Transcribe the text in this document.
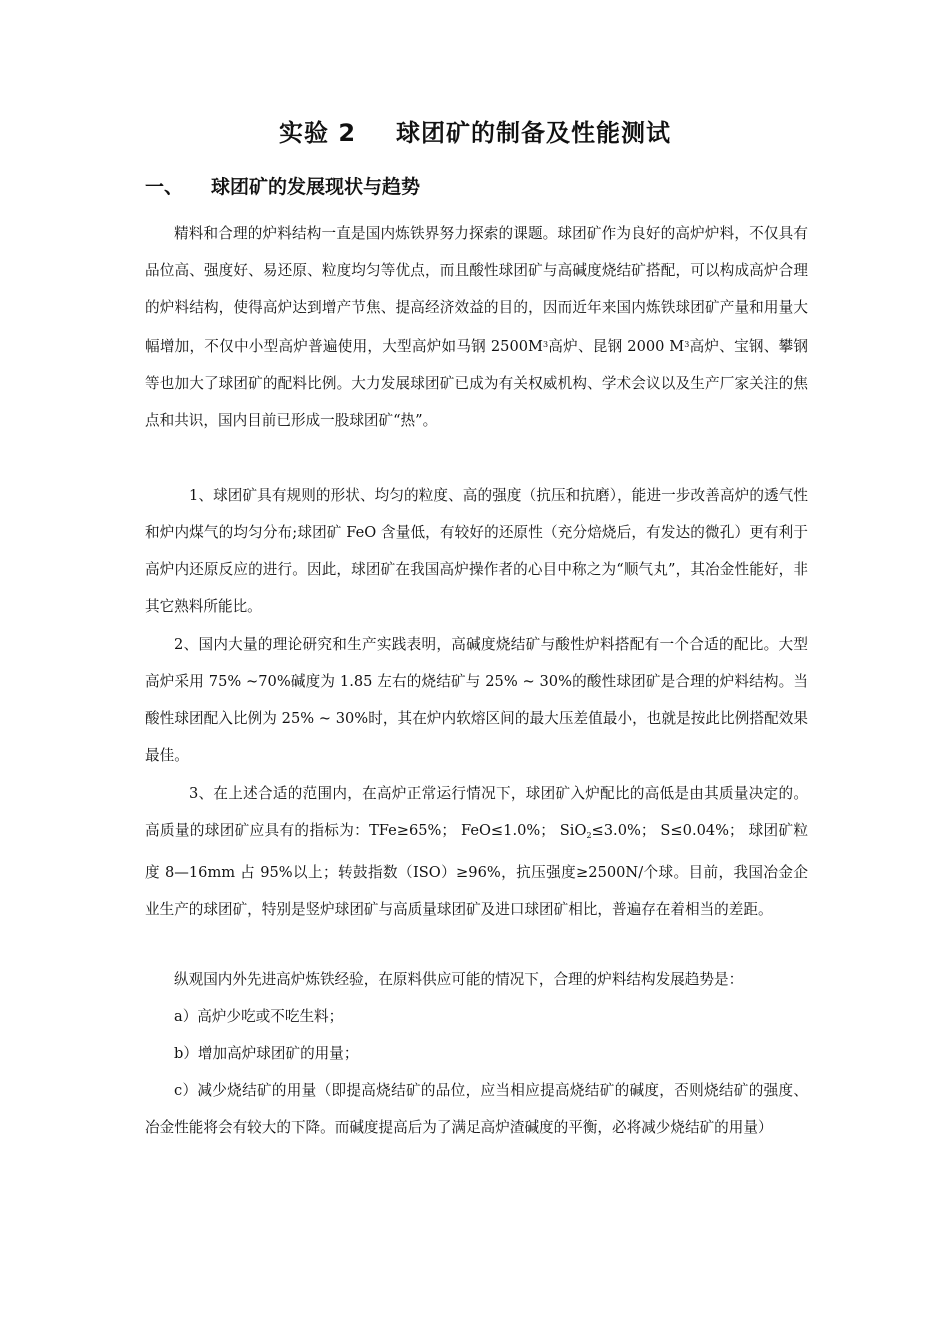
实验 2 球团矿的制备及性能测试
一、 球团矿的发展现状与趋势

精料和合理的炉料结构一直是国内炼铁界努力探索的课题。球团矿作为良好的高炉炉料，不仅具有品位高、强度好、易还原、粒度均匀等优点，而且酸性球团矿与高碱度烧结矿搭配，可以构成高炉合理的炉料结构，使得高炉达到增产节焦、提高经济效益的目的，因而近年来国内炼铁球团矿产量和用量大幅增加，不仅中小型高炉普遍使用，大型高炉如马钢 $2500M^3$高炉、昆钢 2000 $M^3$高炉、宝钢、攀钢等也加大了球团矿的配料比例。大力发展球团矿已成为有关权威机构、学术会议以及生产厂家关注的焦点和共识，国内目前已形成一股球团矿“热”。

1、球团矿具有规则的形状、均匀的粒度、高的强度（抗压和抗磨），能进一步改善高炉的透气性和炉内煤气的均匀分布;球团矿 FeO 含量低，有较好的还原性（充分焙烧后，有发达的微孔）更有利于高炉内还原反应的进行。因此，球团矿在我国高炉操作者的心目中称之为“顺气丸”，其冶金性能好，非其它熟料所能比。

2、国内大量的理论研究和生产实践表明，高碱度烧结矿与酸性炉料搭配有一个合适的配比。大型高炉采用 75% ~70%碱度为 1.85 左右的烧结矿与 25% ~ 30%的酸性球团矿是合理的炉料结构。当酸性球团配入比例为 25% ~ 30%时，其在炉内软熔区间的最大压差值最小，也就是按此比例搭配效果最佳。

3、在上述合适的范围内，在高炉正常运行情况下，球团矿入炉配比的高低是由其质量决定的。高质量的球团矿应具有的指标为：TFe≥65%； FeO≤1.0%； SiO$_2$≤3.0%； S≤0.04%； 球团矿粒度 8—16mm 占 95%以上；转鼓指数（ISO）≥96%，抗压强度≥2500N/个球。目前，我国冶金企业生产的球团矿，特别是竖炉球团矿与高质量球团矿及进口球团矿相比，普遍存在着相当的差距。

纵观国内外先进高炉炼铁经验，在原料供应可能的情况下，合理的炉料结构发展趋势是：

a）高炉少吃或不吃生料；

b）增加高炉球团矿的用量；

c）减少烧结矿的用量（即提高烧结矿的品位，应当相应提高烧结矿的碱度，否则烧结矿的强度、冶金性能将会有较大的下降。而碱度提高后为了满足高炉渣碱度的平衡，必将减少烧结矿的用量）
